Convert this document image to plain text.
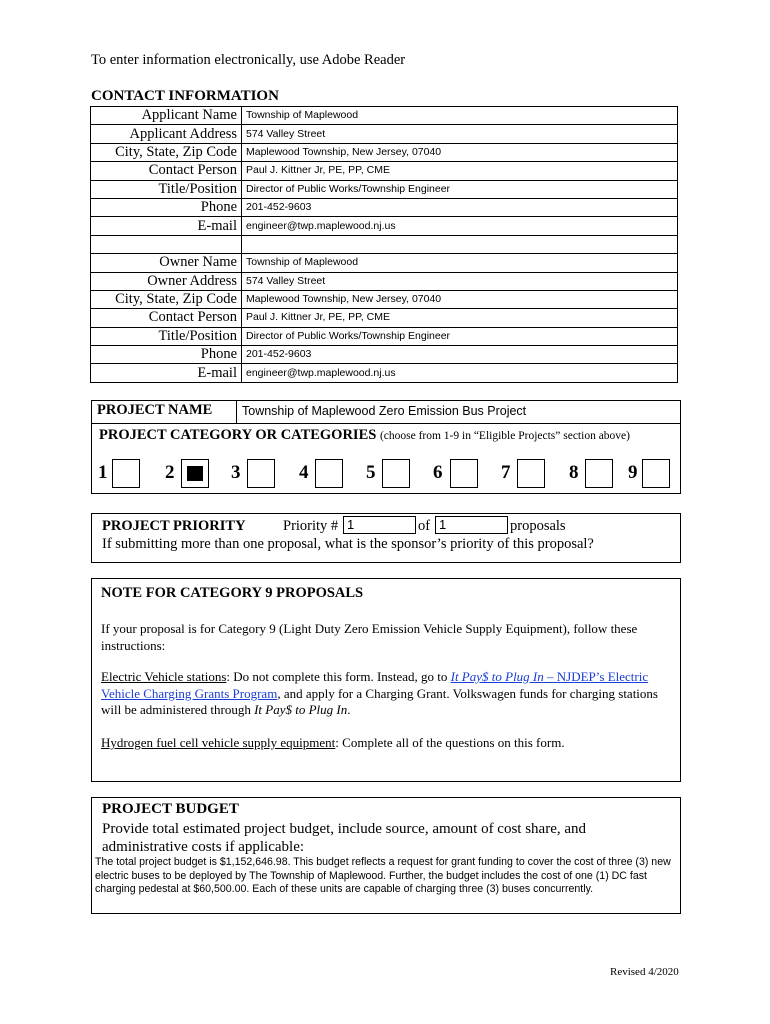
To enter information electronically, use Adobe Reader
CONTACT INFORMATION
Applicant Name	Township of Maplewood
Applicant Address	574 Valley Street
City, State, Zip Code	Maplewood Township, New Jersey, 07040
Contact Person	Paul J. Kittner Jr, PE, PP, CME
Title/Position	Director of Public Works/Township Engineer
Phone	201-452-9603
E-mail	engineer@twp.maplewood.nj.us

Owner Name	Township of Maplewood
Owner Address	574 Valley Street
City, State, Zip Code	Maplewood Township, New Jersey, 07040
Contact Person	Paul J. Kittner Jr, PE, PP, CME
Title/Position	Director of Public Works/Township Engineer
Phone	201-452-9603
E-mail	engineer@twp.maplewood.nj.us
PROJECT NAME Township of Maplewood Zero Emission Bus Project
PROJECT CATEGORY OR CATEGORIES (choose from 1-9 in “Eligible Projects” section above)
1	2	3	4	5	6	7	8	9
PROJECT PRIORITY	Priority # 1	of 1	proposals
If submitting more than one proposal, what is the sponsor’s priority of this proposal?
NOTE FOR CATEGORY 9 PROPOSALS
If your proposal is for Category 9 (Light Duty Zero Emission Vehicle Supply Equipment), follow these instructions:
Electric Vehicle stations: Do not complete this form. Instead, go to It Pay$ to Plug In – NJDEP’s Electric Vehicle Charging Grants Program, and apply for a Charging Grant. Volkswagen funds for charging stations will be administered through It Pay$ to Plug In.
Hydrogen fuel cell vehicle supply equipment: Complete all of the questions on this form.
PROJECT BUDGET
Provide total estimated project budget, include source, amount of cost share, and administrative costs if applicable:
The total project budget is $1,152,646.98. This budget reflects a request for grant funding to cover the cost of three (3) new electric buses to be deployed by The Township of Maplewood. Further, the budget includes the cost of one (1) DC fast charging pedestal at $60,500.00. Each of these units are capable of charging three (3) buses concurrently.
Revised 4/2020
